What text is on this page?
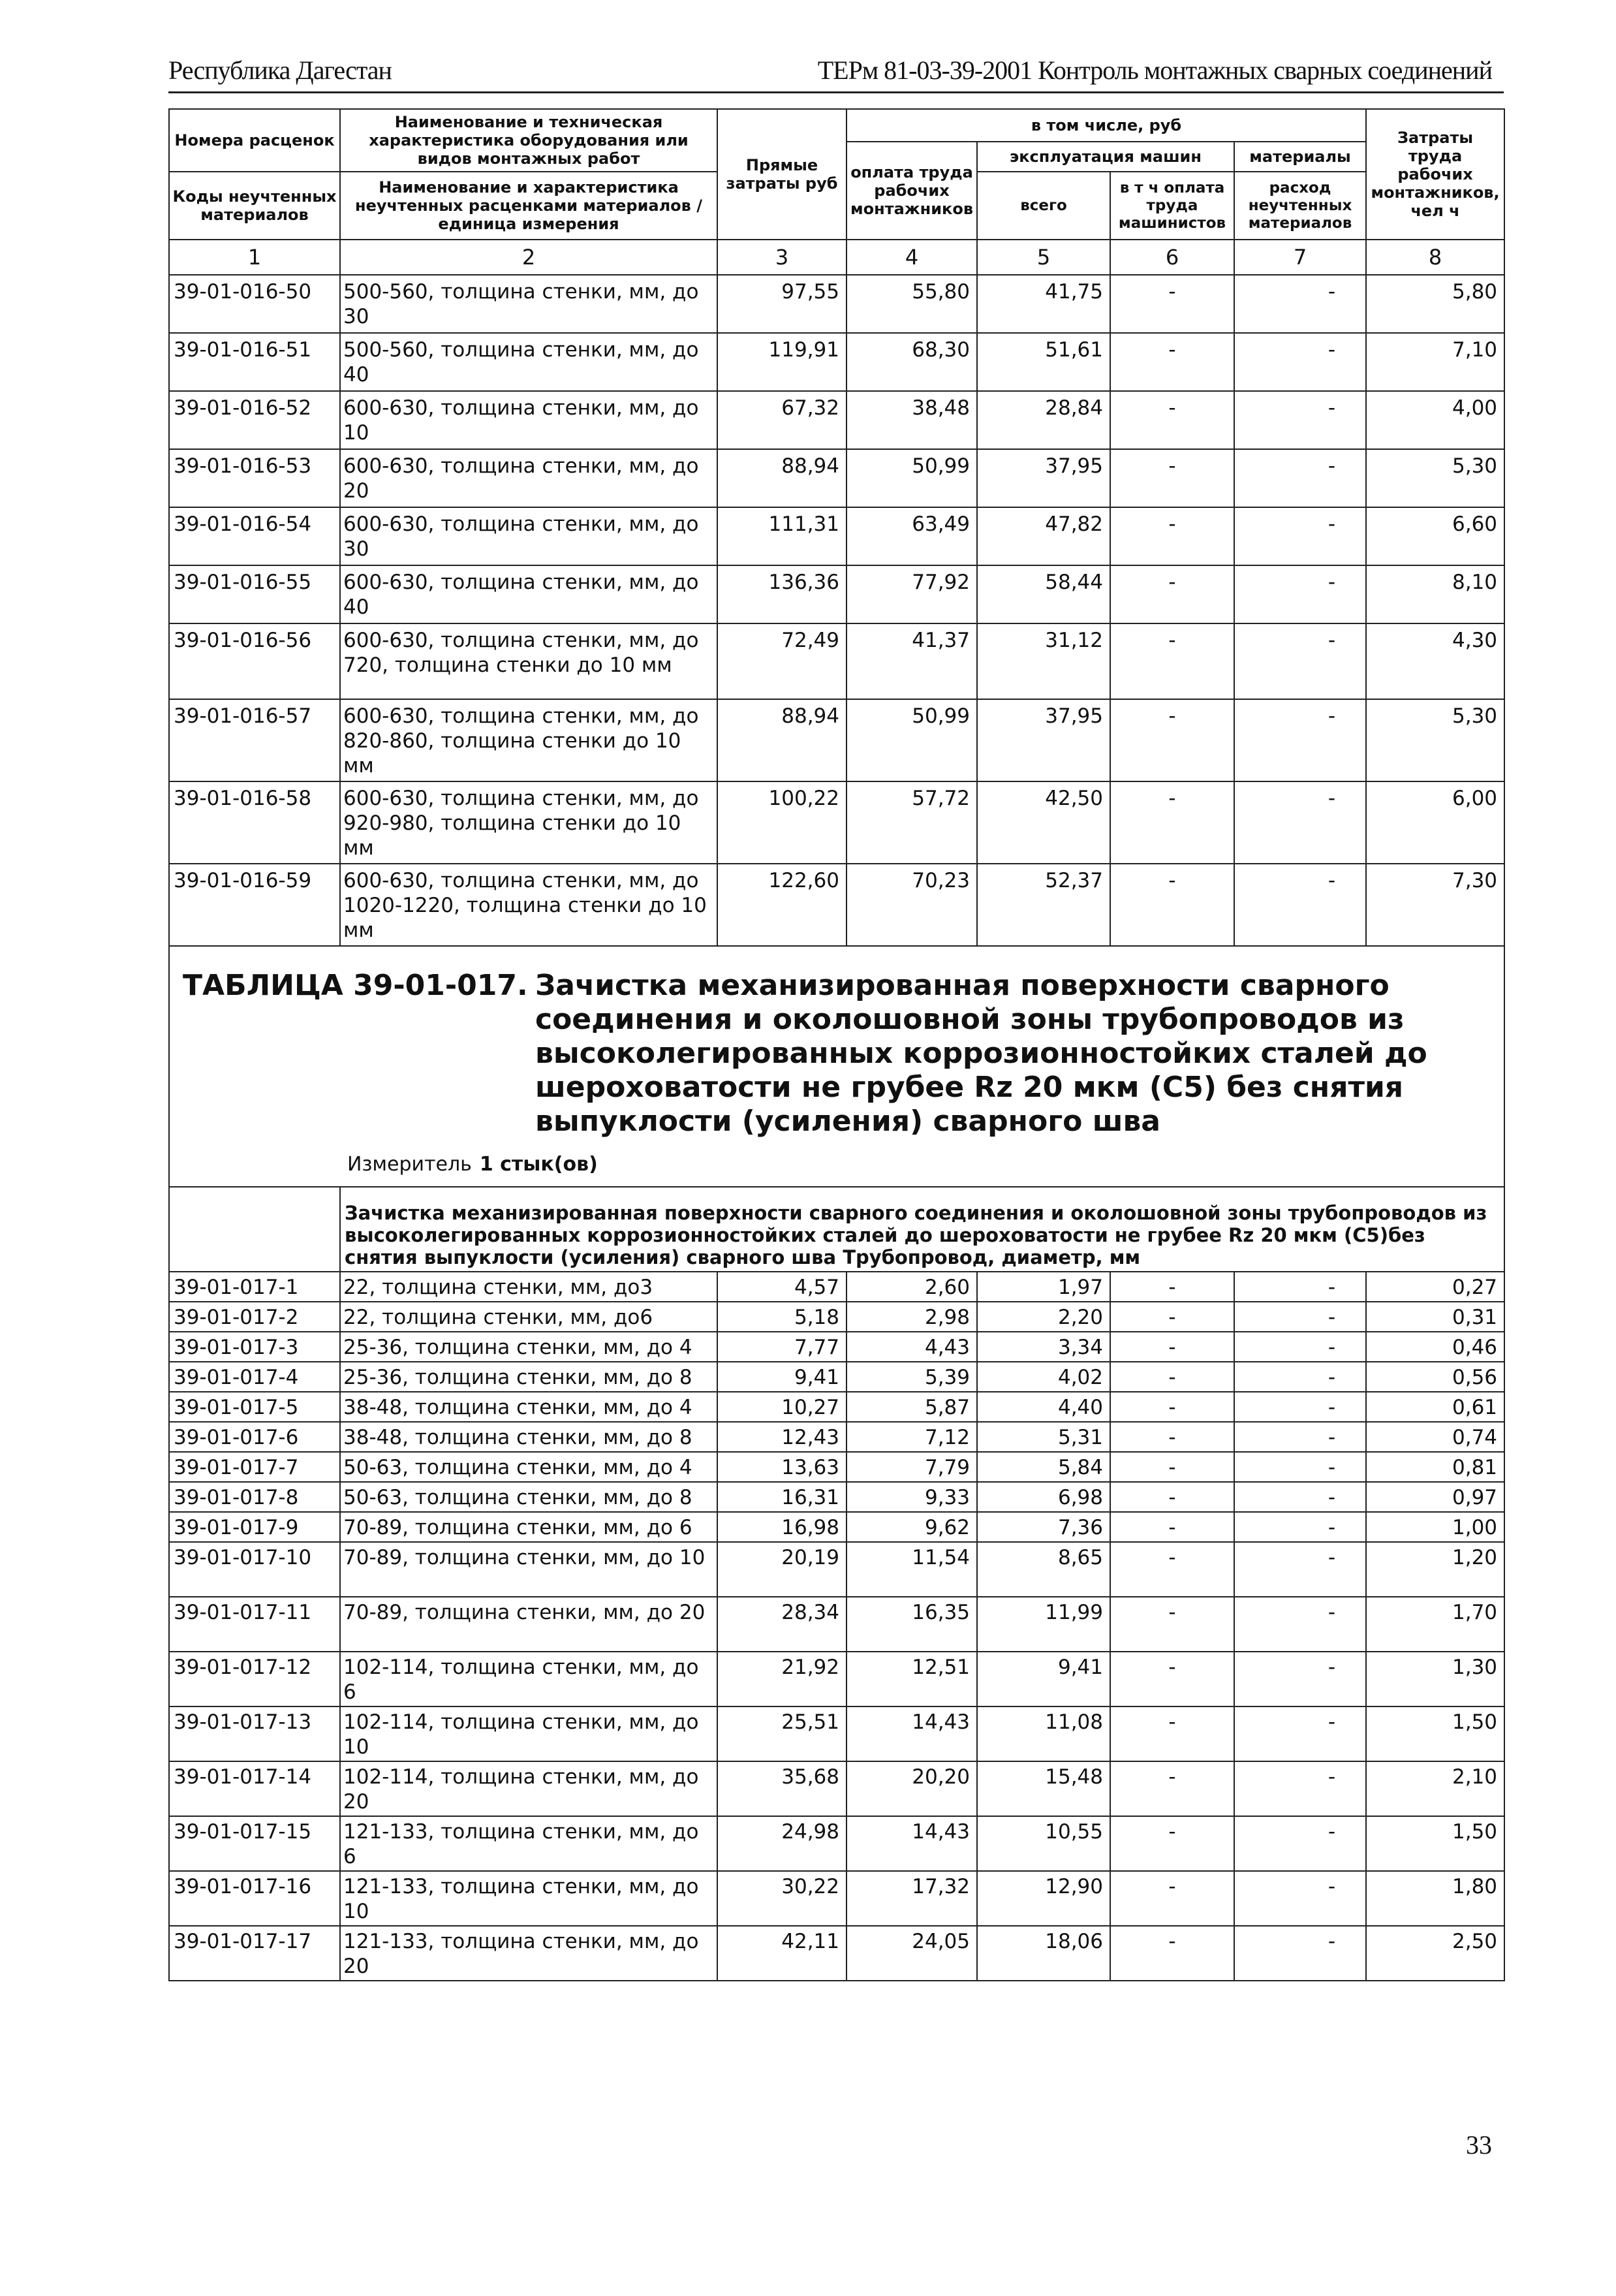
Республика Дагестан	ТЕРм 81-03-39-2001 Контроль монтажных сварных соединений
Номера расценок	Наименование и техническая характеристика оборудования или видов монтажных работ	Прямые затраты руб	в том числе, руб				Затраты труда рабочих монтажников, чел ч
			оплата труда рабочих монтажников	эксплуатация машин		материалы	
Коды неучтенных материалов	Наименование и характеристика неучтенных расценками материалов / единица измерения			всего	в т ч оплата труда машинистов	расход неучтенных материалов	

1	2	3	4	5	6	7	8
39-01-016-50	500-560, толщина стенки, мм, до 30	97,55	55,80	41,75	-	-	5,80
39-01-016-51	500-560, толщина стенки, мм, до 40	119,91	68,30	51,61	-	-	7,10
39-01-016-52	600-630, толщина стенки, мм, до 10	67,32	38,48	28,84	-	-	4,00
39-01-016-53	600-630, толщина стенки, мм, до 20	88,94	50,99	37,95	-	-	5,30
39-01-016-54	600-630, толщина стенки, мм, до 30	111,31	63,49	47,82	-	-	6,60
39-01-016-55	600-630, толщина стенки, мм, до 40	136,36	77,92	58,44	-	-	8,10
39-01-016-56	600-630, толщина стенки, мм, до 720, толщина стенки до 10 мм	72,49	41,37	31,12	-	-	4,30
39-01-016-57	600-630, толщина стенки, мм, до 820-860, толщина стенки до 10 мм	88,94	50,99	37,95	-	-	5,30
39-01-016-58	600-630, толщина стенки, мм, до 920-980, толщина стенки до 10 мм	100,22	57,72	42,50	-	-	6,00
39-01-016-59	600-630, толщина стенки, мм, до 1020-1220, толщина стенки до 10 мм	122,60	70,23	52,37	-	-	7,30

ТАБЛИЦА 39-01-017. Зачистка механизированная поверхности сварного соединения и околошовной зоны трубопроводов из высоколегированных коррозионностойких сталей до шероховатости не грубее Rz 20 мкм (С5) без снятия выпуклости (усиления) сварного шва
Измеритель 1 стык(ов)							

	Зачистка механизированная поверхности сварного соединения и околошовной зоны трубопроводов из высоколегированных коррозионностойких сталей до шероховатости не грубее Rz 20 мкм (С5)без снятия выпуклости (усиления) сварного шва Трубопровод, диаметр, мм						
39-01-017-1	22, толщина стенки, мм, до3	4,57	2,60	1,97	-	-	0,27
39-01-017-2	22, толщина стенки, мм, до6	5,18	2,98	2,20	-	-	0,31
39-01-017-3	25-36, толщина стенки, мм, до 4	7,77	4,43	3,34	-	-	0,46
39-01-017-4	25-36, толщина стенки, мм, до 8	9,41	5,39	4,02	-	-	0,56
39-01-017-5	38-48, толщина стенки, мм, до 4	10,27	5,87	4,40	-	-	0,61
39-01-017-6	38-48, толщина стенки, мм, до 8	12,43	7,12	5,31	-	-	0,74
39-01-017-7	50-63, толщина стенки, мм, до 4	13,63	7,79	5,84	-	-	0,81
39-01-017-8	50-63, толщина стенки, мм, до 8	16,31	9,33	6,98	-	-	0,97
39-01-017-9	70-89, толщина стенки, мм, до 6	16,98	9,62	7,36	-	-	1,00
39-01-017-10	70-89, толщина стенки, мм, до 10	20,19	11,54	8,65	-	-	1,20
39-01-017-11	70-89, толщина стенки, мм, до 20	28,34	16,35	11,99	-	-	1,70
39-01-017-12	102-114, толщина стенки, мм, до 6	21,92	12,51	9,41	-	-	1,30
39-01-017-13	102-114, толщина стенки, мм, до 10	25,51	14,43	11,08	-	-	1,50
39-01-017-14	102-114, толщина стенки, мм, до 20	35,68	20,20	15,48	-	-	2,10
39-01-017-15	121-133, толщина стенки, мм, до 6	24,98	14,43	10,55	-	-	1,50
39-01-017-16	121-133, толщина стенки, мм, до 10	30,22	17,32	12,90	-	-	1,80
39-01-017-17	121-133, толщина стенки, мм, до 20	42,11	24,05	18,06	-	-	2,50
33
